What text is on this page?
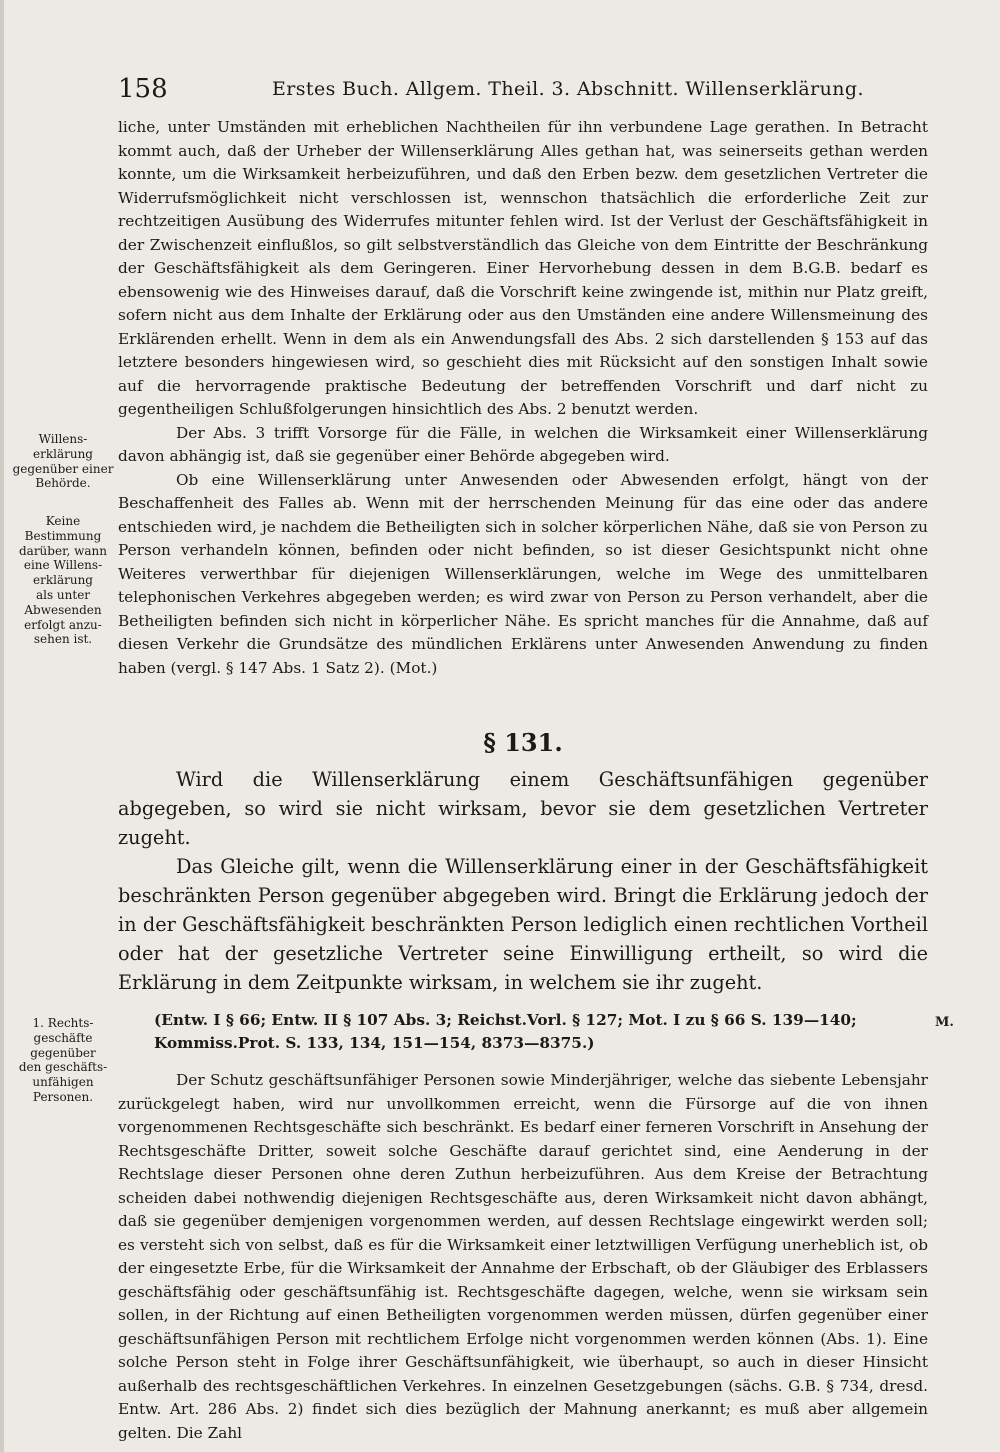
158	Erstes Buch. Allgem. Theil. 3. Abschnitt. Willenserklärung.
Willens-
erklärung
gegenüber einer
Behörde.
Keine
Bestimmung
darüber, wann
eine Willens-
erklärung
als unter
Abwesenden
erfolgt anzu-
sehen ist.
1. Rechts-
geschäfte
gegenüber
den geschäfts-
unfähigen
Personen.
M.

liche, unter Umständen mit erheblichen Nachtheilen für ihn verbundene Lage gerathen. In Betracht kommt auch, daß der Urheber der Willenserklärung Alles gethan hat, was seinerseits gethan werden konnte, um die Wirksamkeit herbeizuführen, und daß den Erben bezw. dem gesetzlichen Vertreter die Widerrufsmöglichkeit nicht verschlossen ist, wennschon thatsächlich die erforderliche Zeit zur rechtzeitigen Ausübung des Widerrufes mitunter fehlen wird. Ist der Verlust der Geschäftsfähigkeit in der Zwischenzeit einflußlos, so gilt selbstverständlich das Gleiche von dem Eintritte der Beschränkung der Geschäftsfähigkeit als dem Geringeren. Einer Hervorhebung dessen in dem B.G.B. bedarf es ebensowenig wie des Hinweises darauf, daß die Vorschrift keine zwingende ist, mithin nur Platz greift, sofern nicht aus dem Inhalte der Erklärung oder aus den Umständen eine andere Willensmeinung des Erklärenden erhellt. Wenn in dem als ein Anwendungsfall des Abs. 2 sich darstellenden § 153 auf das letztere besonders hingewiesen wird, so geschieht dies mit Rücksicht auf den sonstigen Inhalt sowie auf die hervorragende praktische Bedeutung der betreffenden Vorschrift und darf nicht zu gegentheiligen Schlußfolgerungen hinsichtlich des Abs. 2 benutzt werden.

Der Abs. 3 trifft Vorsorge für die Fälle, in welchen die Wirksamkeit einer Willenserklärung davon abhängig ist, daß sie gegenüber einer Behörde abgegeben wird.

Ob eine Willenserklärung unter Anwesenden oder Abwesenden erfolgt, hängt von der Beschaffenheit des Falles ab. Wenn mit der herrschenden Meinung für das eine oder das andere entschieden wird, je nachdem die Betheiligten sich in solcher körperlichen Nähe, daß sie von Person zu Person verhandeln können, befinden oder nicht befinden, so ist dieser Gesichtspunkt nicht ohne Weiteres verwerthbar für diejenigen Willenserklärungen, welche im Wege des unmittelbaren telephonischen Verkehres abgegeben werden; es wird zwar von Person zu Person verhandelt, aber die Betheiligten befinden sich nicht in körperlicher Nähe. Es spricht manches für die Annahme, daß auf diesen Verkehr die Grundsätze des mündlichen Erklärens unter Anwesenden Anwendung zu finden haben (vergl. § 147 Abs. 1 Satz 2). (Mot.)

§ 131.

Wird die Willenserklärung einem Geschäftsunfähigen gegenüber abgegeben, so wird sie nicht wirksam, bevor sie dem gesetzlichen Vertreter zugeht.

Das Gleiche gilt, wenn die Willenserklärung einer in der Geschäftsfähigkeit beschränkten Person gegenüber abgegeben wird. Bringt die Erklärung jedoch der in der Geschäftsfähigkeit beschränkten Person lediglich einen rechtlichen Vortheil oder hat der gesetzliche Vertreter seine Einwilligung ertheilt, so wird die Erklärung in dem Zeitpunkte wirksam, in welchem sie ihr zugeht.

(Entw. I § 66; Entw. II § 107 Abs. 3; Reichst.Vorl. § 127; Mot. I zu § 66 S. 139—140; Kommiss.Prot. S. 133, 134, 151—154, 8373—8375.)

Der Schutz geschäftsunfähiger Personen sowie Minderjähriger, welche das siebente Lebensjahr zurückgelegt haben, wird nur unvollkommen erreicht, wenn die Fürsorge auf die von ihnen vorgenommenen Rechtsgeschäfte sich beschränkt. Es bedarf einer ferneren Vorschrift in Ansehung der Rechtsgeschäfte Dritter, soweit solche Geschäfte darauf gerichtet sind, eine Aenderung in der Rechtslage dieser Personen ohne deren Zuthun herbeizuführen. Aus dem Kreise der Betrachtung scheiden dabei nothwendig diejenigen Rechtsgeschäfte aus, deren Wirksamkeit nicht davon abhängt, daß sie gegenüber demjenigen vorgenommen werden, auf dessen Rechtslage eingewirkt werden soll; es versteht sich von selbst, daß es für die Wirksamkeit einer letztwilligen Verfügung unerheblich ist, ob der eingesetzte Erbe, für die Wirksamkeit der Annahme der Erbschaft, ob der Gläubiger des Erblassers geschäftsfähig oder geschäftsunfähig ist. Rechtsgeschäfte dagegen, welche, wenn sie wirksam sein sollen, in der Richtung auf einen Betheiligten vorgenommen werden müssen, dürfen gegenüber einer geschäftsunfähigen Person mit rechtlichem Erfolge nicht vorgenommen werden können (Abs. 1). Eine solche Person steht in Folge ihrer Geschäftsunfähigkeit, wie überhaupt, so auch in dieser Hinsicht außerhalb des rechtsgeschäftlichen Verkehres. In einzelnen Gesetzgebungen (sächs. G.B. § 734, dresd. Entw. Art. 286 Abs. 2) findet sich dies bezüglich der Mahnung anerkannt; es muß aber allgemein gelten. Die Zahl
